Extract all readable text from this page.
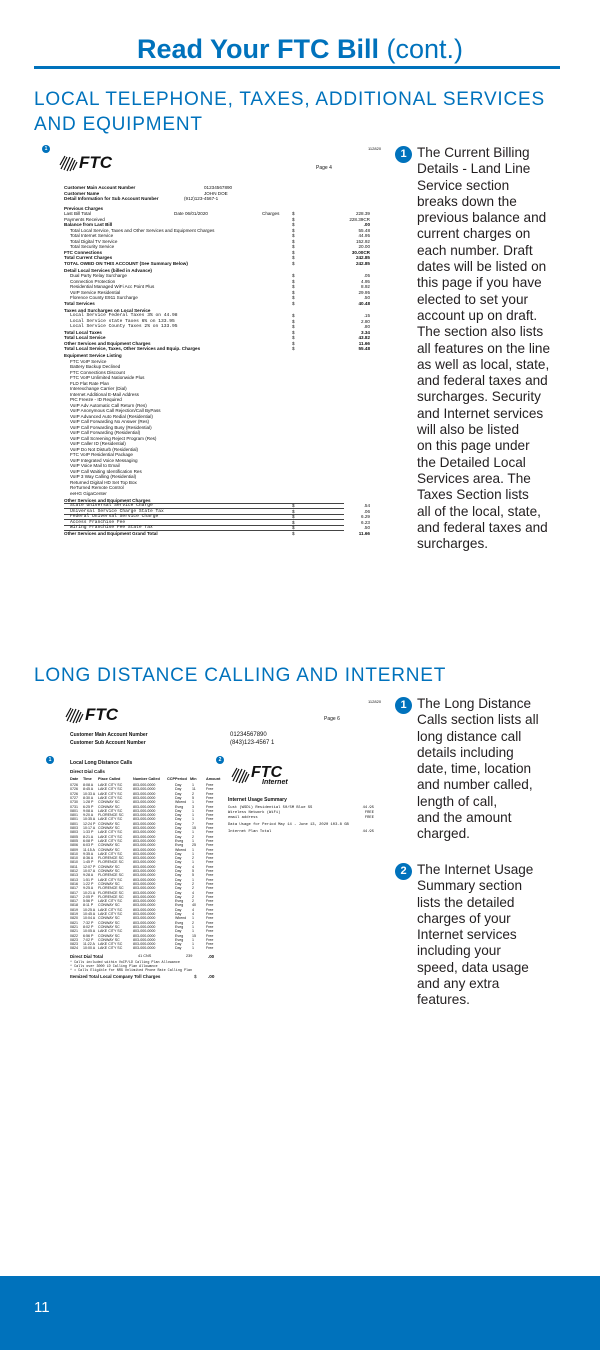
Read Your FTC Bill (cont.)
LOCAL TELEPHONE, TAXES, ADDITIONAL SERVICES
AND EQUIPMENT
1	112820
FTC	Page 4
Customer Main Account Number	01234567890
Customer Name	JOHN DOE
Detail Information for Sub Account Number	(912)123-4567-1
Previous Charges
Last Bill Total	Date 06/01/2020	Charges	$	228.39
Payments Received	$	228.39CR
Balance from Last Bill	$	.00
Total Local Service, Taxes and Other Services and Equipment Charges	$	55.48
Total Internet Service	$	44.95
Total Digital TV Service	$	152.92
Total Security Service	$	20.00
FTC Connections	$	30.00CR
Total Current Charges	$	242.85
TOTAL OWED ON THIS ACCOUNT (See Summary Below)	$	242.85
Detail Local Services (billed in Advance)
Dual Party Relay Surcharge	$	.05
Connection Protection	$	4.95
Residential Managed WiFi Acc Point Plus	$	8.92
VoIP Service Residential	$	29.95
Florence County E911 Surcharge	$	.50
Total Services	$	40.48
Taxes and Surcharges on Local Service
Local Service Federal Taxes 3% on 44.98	$	.15
Local Service state Taxes 6% on 133.95	$	2.80
Local Service County Taxes 2% on 133.95	$	.80
Total Local Taxes	$	3.34
Total Local Service	$	43.82
Other Services and Equipment Charges	$	11.66
Total Local Service, Taxes, Other Services and Equip. Charges	$	55.48
Equipment Service Listing
FTC VoIP Service
Battery Backup Declined
FTC Connections Discount
FTC VoIP Unlimited Nationwide Plus
FLD Flat Rate Plan
Interexchange Carrier (Dial)
Internet Additional E-Mail Address
PIC Freeze - ID Required
VoIP Adv Automatic Call Return (Res)
VoIP Anonymous Call Rejection/Call ByPass
VoIP Advanced Auto Redial (Residential)
VoIP Call Forwarding No Answer (Res)
VoIP Call Forwarding Busy (Residential)
VoIP Call Forwarding (Residential)
VoIP Call Screening Reject Program (Res)
VoIP Caller ID (Residential)
VoIP Do Not Disturb (Residential)
FTC VoIP Residential Package
VoIP Integrated Voice Messaging
VoIP Voice Mail to Email
VoIP Call Waiting Identification Res
VoIP 3 Way Calling (Residential)
Returned Digital HD Set Top Box
ReTurned Remote Control
eeHG GigaCenter
Other Services and Equipment Charges
State Universal Service Charge	$	.54
Universal Service Charge State Tax	$	.06
Federal Universal Service Charge	$	6.29
Access Franchise Fee	$	6.23
Wiring Franchise Fee State Tax	$	.50
Other Services and Equipment Grand Total	$	11.66
1 The Current Billing
Details - Land Line
Service section
breaks down the
previous balance and
current charges on
each number. Draft
dates will be listed on
this page if you have
elected to set your
account up on draft.
The section also lists
all features on the line
as well as local, state,
and federal taxes and
surcharges. Security
and Internet services
will also be listed
on this page under
the Detailed Local
Services area. The
Taxes Section lists
all of the local, state,
and federal taxes and
surcharges.
LONG DISTANCE CALLING AND INTERNET
112820
FTC	Page 6
Customer Main Account Number	01234567890
Customer Sub Account Number	(843)123-4567 1
1	2
Local Long Distance Calls
Direct Dial Calls
Date Time Place Called	Number Called CCP Period Min Amount
0726 8:08 A LAKE CITY SC	803-000-0000	Day	1	Free
0726 8:45 A LAKE CITY SC	803-000-0000	Day	11	Free
0726 10:33 A LAKE CITY SC	803-000-0000	Day	2	Free
0727 8:30 A LAKE CITY SC	803-000-0000	Day	5	Free
0730 1:28 P CONWAY SC	803-000-0000	Wkend 1	Free
0731 6:25 P CONWAY SC	803-000-0000	Eveg 3	Free
0801 9:08 A LAKE CITY SC	803-000-0000	Day	1	Free
0801 9:20 A FLORENCE SC	803-000-0000	Day	1	Free
0801 10:35 A LAKE CITY SC	803-000-0000	Day	1	Free
0801 12:24 P CONWAY SC	803-000-0000	Day	7	Free
0803 10:17 A CONWAY SC	803-000-0000	Day	15	Free
0803 1:33 P LAKE CITY SC	803-000-0000	Day	1	Free
0805 8:21 A LAKE CITY SC	803-000-0000	Day	2	Free
0805 6:08 P LAKE CITY SC	803-000-0000	Eveg 1	Free
0806 6:03 P CONWAY SC	803-000-0000	Eveg 25	Free
0809 11:15 A CONWAY SC	803-000-0000	Wkend 1	Free
0810 9:35 A LAKE CITY SC	803-000-0000	Day	1	Free
0810 8:36 A FLORENCE SC	803-000-0000	Day	2	Free
0810 1:45 P FLORENCE SC	803-000-0000	Day	1	Free
0811 12:07 P CONWAY SC	803-000-0000	Day	4	Free
0812 10:07 A CONWAY SC	803-000-0000	Day	5	Free
0813 9:28 A FLORENCE SC	803-000-0000	Day	5	Free
0813 1:51 P LAKE CITY SC	803-000-0000	Day	1	Free
0816 1:22 P CONWAY SC	803-000-0000	Day	2	Free
0817 9:25 A FLORENCE SC	803-000-0000	Day	2	Free
0817 10:21 A FLORENCE SC	803-000-0000	Day	4	Free
0817 2:05 P FLORENCE SC	803-000-0000	Day	2	Free
0817 5:56 P LAKE CITY SC	803-000-0000	Eveg 2	Free
0818 8:11 P CONWAY SC	803-000-0000	Eveg 40	Free
0819 10:25 A LAKE CITY SC	803-000-0000	Day	4	Free
0819 10:45 A LAKE CITY SC	803-000-0000	Day	4	Free
0820 10:04 A CONWAY SC	803-000-0000	Wkend 1	Free
0821 7:32 P CONWAY SC	803-000-0000	Eveg 2	Free
0821 8:02 P CONWAY SC	803-000-0000	Eveg 1	Free
0821 10:05 A LAKE CITY SC	803-000-0000	Day	1	Free
0822 6:56 P CONWAY SC	803-000-0000	Eveg 15	Free
0823 7:02 P CONWAY SC	803-000-0000	Eveg 1	Free
0823 11:22 A LAKE CITY SC	803-000-0000	Day	1	Free
0824 10:00 A LAKE CITY SC	803-000-0000	Day	1	Free
Direct Dial Total	41 CNS	239	.00
* Calls included within VoIP/LD Calling Plan Allowance
* Calls over 3000 LD Calling Plan Allowance
* = Calls Eligible for NRG Unlimited Phone Rate Calling Plan
Itemized Total Local Company Toll Charges	$ .00
FTC
Internet
Internet Usage Summary
Cust (WSDL) Residential 50/5M Blue SS	44.95
Wireless Network (WiFi)	FREE
email address	FREE
Data Usage for Period May 14 - June 13, 2020 103.8 GB
Internet Plan Total	44.95
1 The Long Distance
Calls section lists all
long distance call
details including
date, time, location
and number called,
length of call,
and the amount
charged.
2 The Internet Usage
Summary section
lists the detailed
charges of your
Internet services
including your
speed, data usage
and any extra
features.
11
